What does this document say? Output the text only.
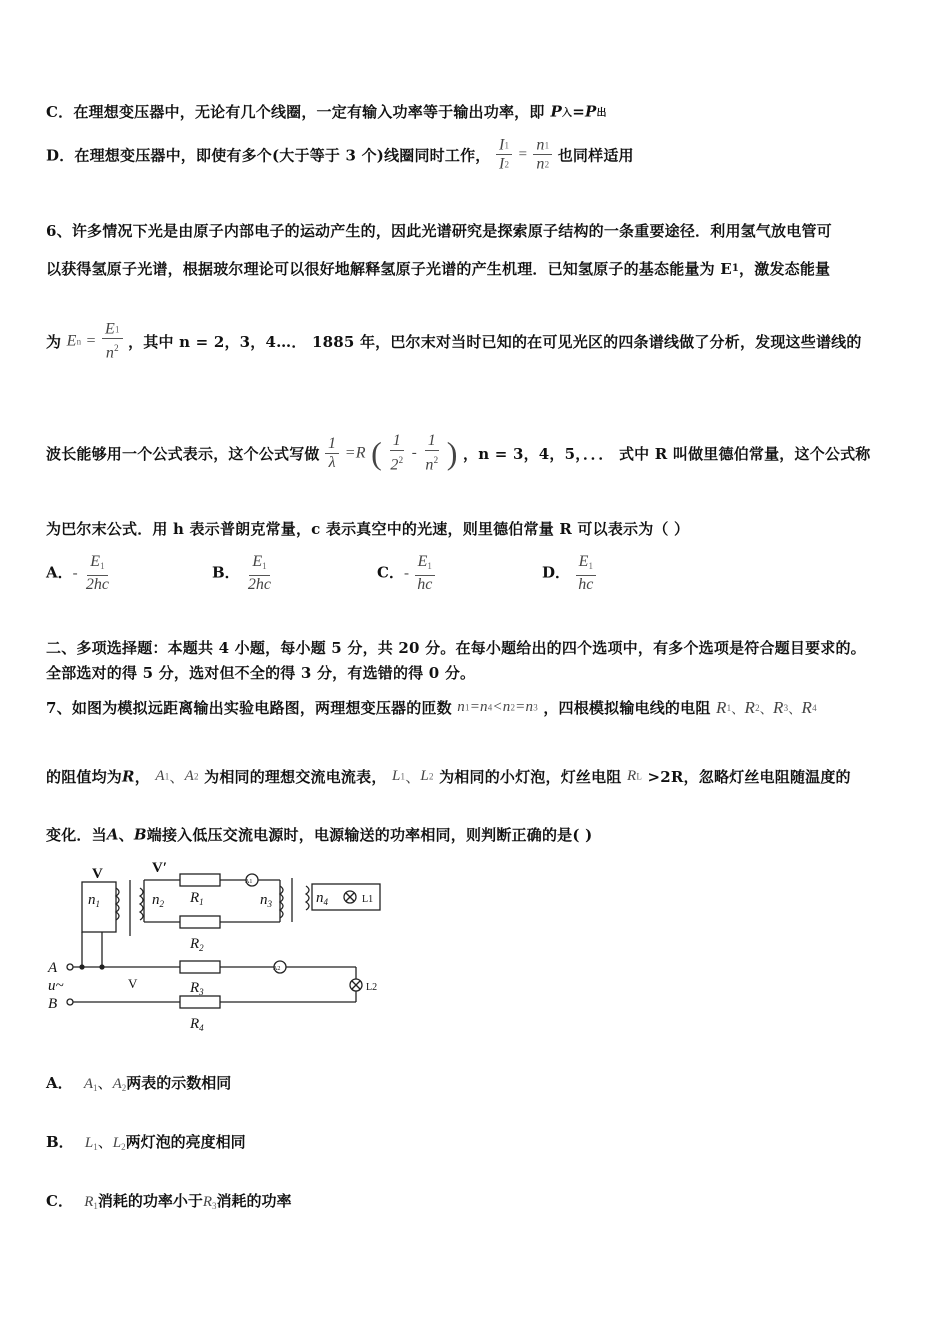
C．在理想变压器中，无论有几个线圈，一定有输入功率等于输出功率，即 P入=P出
D．在理想变压器中，即使有多个(大于等于 3 个)线圈同时工作， $\frac{I1}{I2} = \frac{n1}{n2}$ 也同样适用
6、许多情况下光是由原子内部电子的运动产生的，因此光谱研究是探索原子结构的一条重要途径．利用氢气放电管可
以获得氢原子光谱，根据玻尔理论可以很好地解释氢原子光谱的产生机理．已知氢原子的基态能量为 E1，激发态能量
为 $En = \frac{E1}{n^2}$ ，其中 n = 2，3，4…． 1885 年，巴尔末对当时已知的在可见光区的四条谱线做了分析，发现这些谱线的
波长能够用一个公式表示，这个公式写做 $\frac{1}{\lambda} =R$ ( $\frac{1}{2^2} - \frac{1}{n^2}$ ) ，n = 3，4，5，．．． 式中 R 叫做里德伯常量，这个公式称
为巴尔末公式．用 h 表示普朗克常量，c 表示真空中的光速，则里德伯常量 R 可以表示为（ ）
A．- $\frac{E_1}{2hc}$	B． $\frac{E_1}{2hc}$	C．- $\frac{E_1}{hc}$	D． $\frac{E_1}{hc}$
二、多项选择题：本题共 4 小题，每小题 5 分，共 20 分。在每小题给出的四个选项中，有多个选项是符合题目要求的。
全部选对的得 5 分，选对但不全的得 3 分，有选错的得 0 分。
7、如图为模拟远距离输出实验电路图，两理想变压器的匝数 n1=n4<n2=n3 ，四根模拟输电线的电阻 R1、R2、R3、R4
的阻值均为R， A1、A2 为相同的理想交流电流表， L1、L2 为相同的小灯泡，灯丝电阻 RL >2R，忽略灯丝电阻随温度的
变化．当A、B端接入低压交流电源时，电源输送的功率相同，则判断正确的是( )
V	V′
$n_1$	$n_2$ $R_1$	$n_3$	$n_4$	L1
$R_2$
A
u~
B
V	$R_3$
$R_4$
L2
A1
A2
A． $A_1$、$A_2$两表的示数相同
B． $L_1$、$L_2$两灯泡的亮度相同
C． $R_1$消耗的功率小于$R_3$消耗的功率
